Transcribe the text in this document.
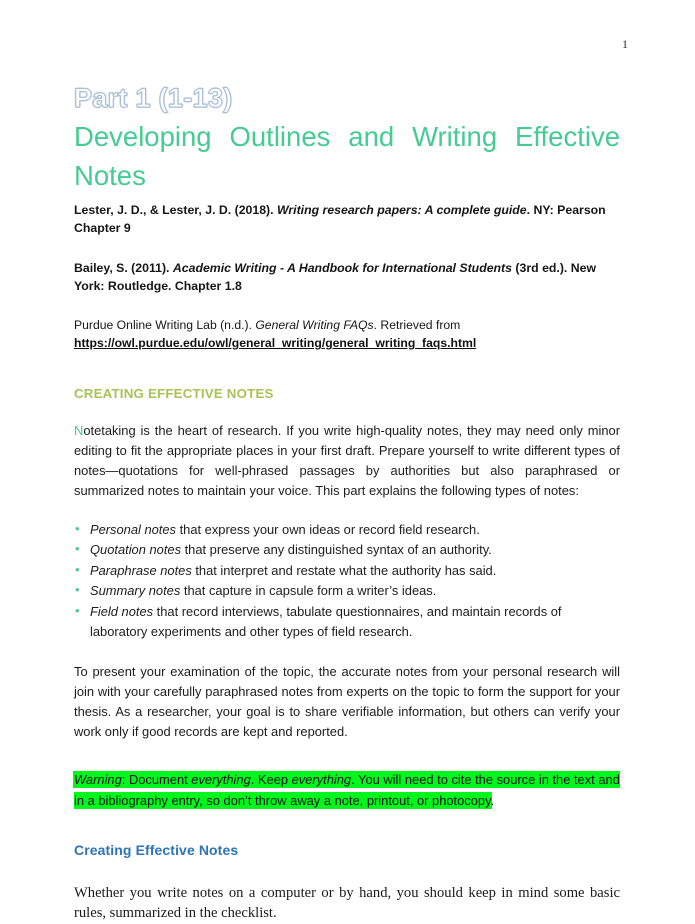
1
Part 1 (1-13)
Developing Outlines and Writing Effective Notes

Lester, J. D., & Lester, J. D. (2018). Writing research papers: A complete guide. NY: Pearson Chapter 9

Bailey, S. (2011). Academic Writing - A Handbook for International Students (3rd ed.). New York: Routledge. Chapter 1.8

Purdue Online Writing Lab (n.d.). General Writing FAQs. Retrieved from https://owl.purdue.edu/owl/general_writing/general_writing_faqs.html

CREATING EFFECTIVE NOTES

Notetaking is the heart of research. If you write high-quality notes, they may need only minor editing to fit the appropriate places in your first draft. Prepare yourself to write different types of notes—quotations for well-phrased passages by authorities but also paraphrased or summarized notes to maintain your voice. This part explains the following types of notes:

• Personal notes that express your own ideas or record field research.
• Quotation notes that preserve any distinguished syntax of an authority.
• Paraphrase notes that interpret and restate what the authority has said.
• Summary notes that capture in capsule form a writer’s ideas.
• Field notes that record interviews, tabulate questionnaires, and maintain records of laboratory experiments and other types of field research.

To present your examination of the topic, the accurate notes from your personal research will join with your carefully paraphrased notes from experts on the topic to form the support for your thesis. As a researcher, your goal is to share verifiable information, but others can verify your work only if good records are kept and reported.

Warning: Document everything. Keep everything. You will need to cite the source in the text and in a bibliography entry, so don’t throw away a note, printout, or photocopy.

Creating Effective Notes

Whether you write notes on a computer or by hand, you should keep in mind some basic rules, summarized in the checklist.
